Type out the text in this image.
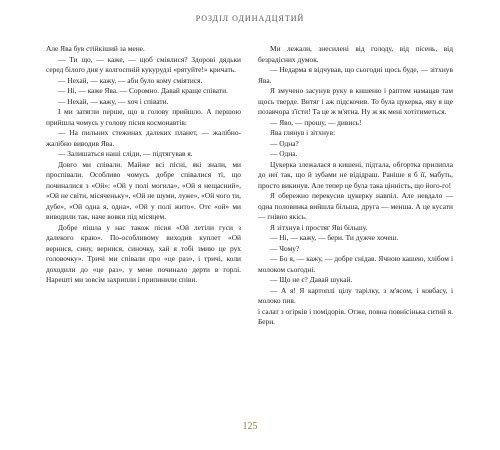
РОЗДІЛ ОДИНАДЦЯТИЙ

Але Ява був стійкіший за мене.

— Ти що, — каже, — щоб сміялися? Здорові дядьки серед білого дня у колгоспній кукурудзі «рятуйте!» кричать.

— Нехай, — кажу, — аби було кому сміятися.

— Ні, — каже Ява. — Соромно. Давай краще співати.

— Нехай, — кажу, — хоч і співати.

І ми затягли перше, що в голову прийшло. А першою прийшла чомусь у голову пісня космонавтів:

— На пильних стежинах далеких планет, — жалібно-жалібно виводив Ява.

— Залишаться наші сліди, — підтягував я.

Довго ми співали. Майже всі пісні, які знали, ми проспівали. Особливо чомусь добре співалися ті, що починалися з «Ой»: «Ой у полі могила», «Ой я нещасний», «Ой не світи, місяченьку», «Ой не шуми, луже», «Ой чого ти, дубе», «Ой одна я, одна», «Ой у полі жито». Отє «ой» ми виводили так, наче вовки під місяцем.

Добре пішла у нас також пісня «Ой летіли гуси з далекого краю». По-особливому виходив куплет «Ой вернися, сину, вернися, синочку, хай я тобі змию це рух головочку». Тричі ми співали про «це раз», і тричі, коли доходили до «це раз», у мене починало дерти в горлі. Нарешті ми зовсім захрипли і припинили співи.

Ми лежали, знесилені від голоду, від пісень, від безрадісних думок.

— Недарма я відчував, що сьогодні щось буде, — зітхнув Ява.

Я змучено засунув руку в кишеню і раптом намацав там щось тверде. Витяг і аж підскочив. То була цукерка, яку я ще позавчора з'їсти! Та це ж м'ятна. Ну ж як мені хотітиметься.

— Яво, — прошу, — дивись!

Ява глянув і зітхнув:

— Одна?

— Одна.

Цукерка злежалася в кишені, підтала, обгортка прилипла до неї так, що й зубами не відідраш. Раніше я б її, мабуть, просто викинув. Але тепер це була така цінність, що його-го!

Я обережно перекусив цукерку навпіл. Але невдало — одна половинка вийшла більша, друга — менша. А це кусати — гнівно якісь.

Я зітхнув і простяг Яві більшу.

— Ні, — кажу, — бери. Ти дужче хочеш.

— Чому?

— Бо я, — кажу, — добре снідав. Ячною кашею, хлібом і молоком сьогодні.

— Що не є? Давай шукай.

— А я! Я картоплі цілу тарілку, з м'ясом, і ковбасу, і молоко пив.

і салат з огірків і помідорів. Отже, повна повнісінька ситий я. Бери.

125
